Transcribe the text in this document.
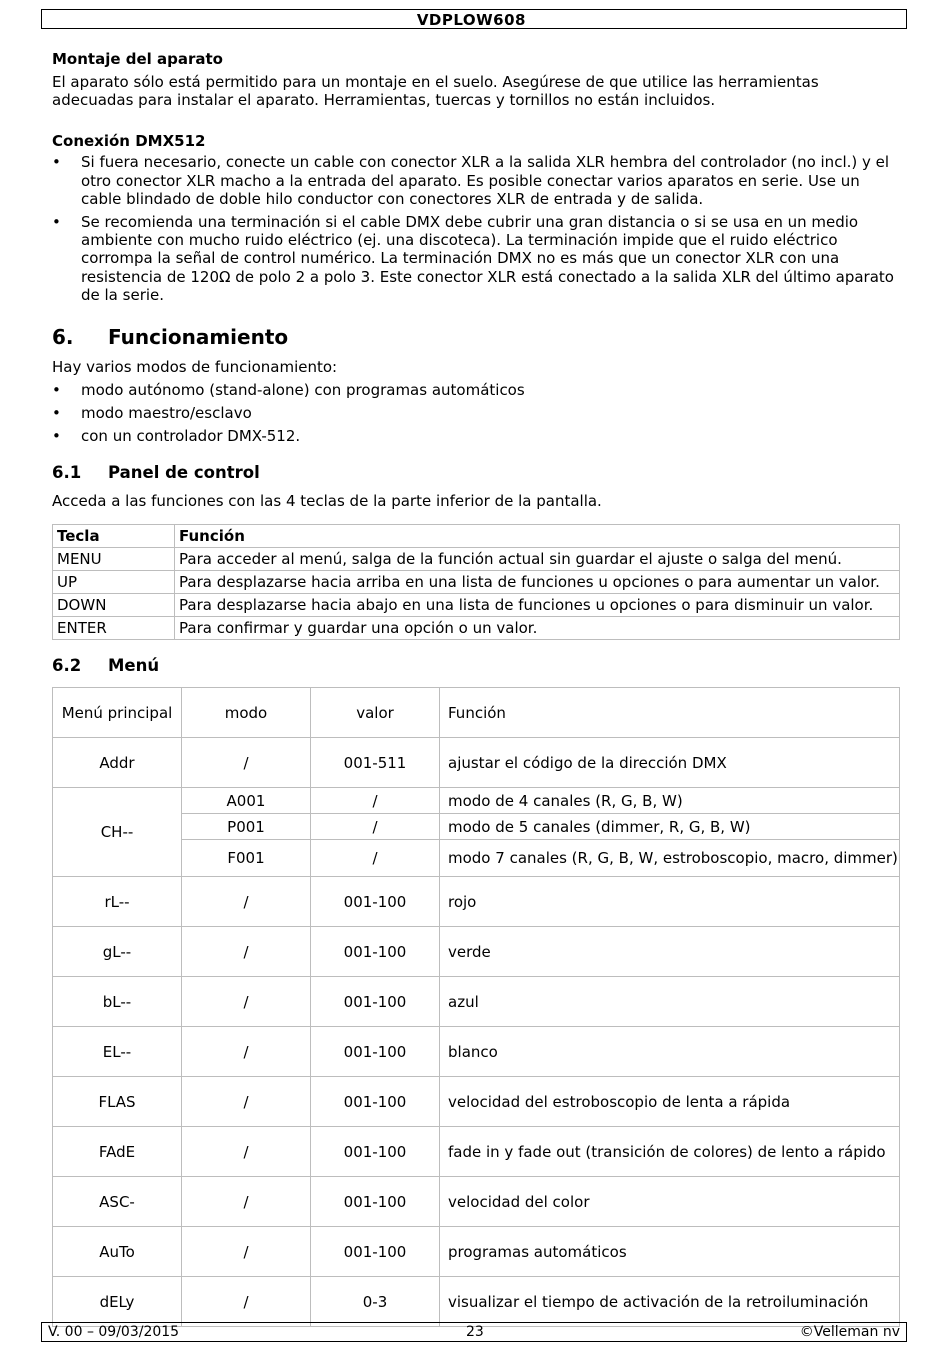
VDPLOW608
Montaje del aparato

El aparato sólo está permitido para un montaje en el suelo. Asegúrese de que utilice las herramientas adecuadas para instalar el aparato. Herramientas, tuercas y tornillos no están incluidos.

Conexión DMX512
• Si fuera necesario, conecte un cable con conector XLR a la salida XLR hembra del controlador (no incl.) y el otro conector XLR macho a la entrada del aparato. Es posible conectar varios aparatos en serie. Use un cable blindado de doble hilo conductor con conectores XLR de entrada y de salida.
• Se recomienda una terminación si el cable DMX debe cubrir una gran distancia o si se usa en un medio ambiente con mucho ruido eléctrico (ej. una discoteca). La terminación impide que el ruido eléctrico corrompa la señal de control numérico. La terminación DMX no es más que un conector XLR con una resistencia de 120Ω de polo 2 a polo 3. Este conector XLR está conectado a la salida XLR del último aparato de la serie.
6.	Funcionamiento

Hay varios modos de funcionamiento:

• modo autónomo (stand-alone) con programas automáticos
• modo maestro/esclavo
• con un controlador DMX-512.
6.1	Panel de control

Acceda a las funciones con las 4 teclas de la parte inferior de la pantalla.

Tecla	Función
MENU	Para acceder al menú, salga de la función actual sin guardar el ajuste o salga del menú.
UP	Para desplazarse hacia arriba en una lista de funciones u opciones o para aumentar un valor.
DOWN	Para desplazarse hacia abajo en una lista de funciones u opciones o para disminuir un valor.
ENTER	Para confirmar y guardar una opción o un valor.
6.2	Menú
Menú principal	modo	valor	Función
Addr	/	001-511	ajustar el código de la dirección DMX
CH--	A001	/	modo de 4 canales (R, G, B, W)
	P001	/	modo de 5 canales (dimmer, R, G, B, W)
	F001	/	modo 7 canales (R, G, B, W, estroboscopio, macro, dimmer)
rL--	/	001-100	rojo
gL--	/	001-100	verde
bL--	/	001-100	azul
EL--	/	001-100	blanco
FLAS	/	001-100	velocidad del estroboscopio de lenta a rápida
FAdE	/	001-100	fade in y fade out (transición de colores) de lento a rápido
ASC-	/	001-100	velocidad del color
AuTo	/	001-100	programas automáticos
dELy	/	0-3	visualizar el tiempo de activación de la retroiluminación
V. 00 – 09/03/2015	23	©Velleman nv
